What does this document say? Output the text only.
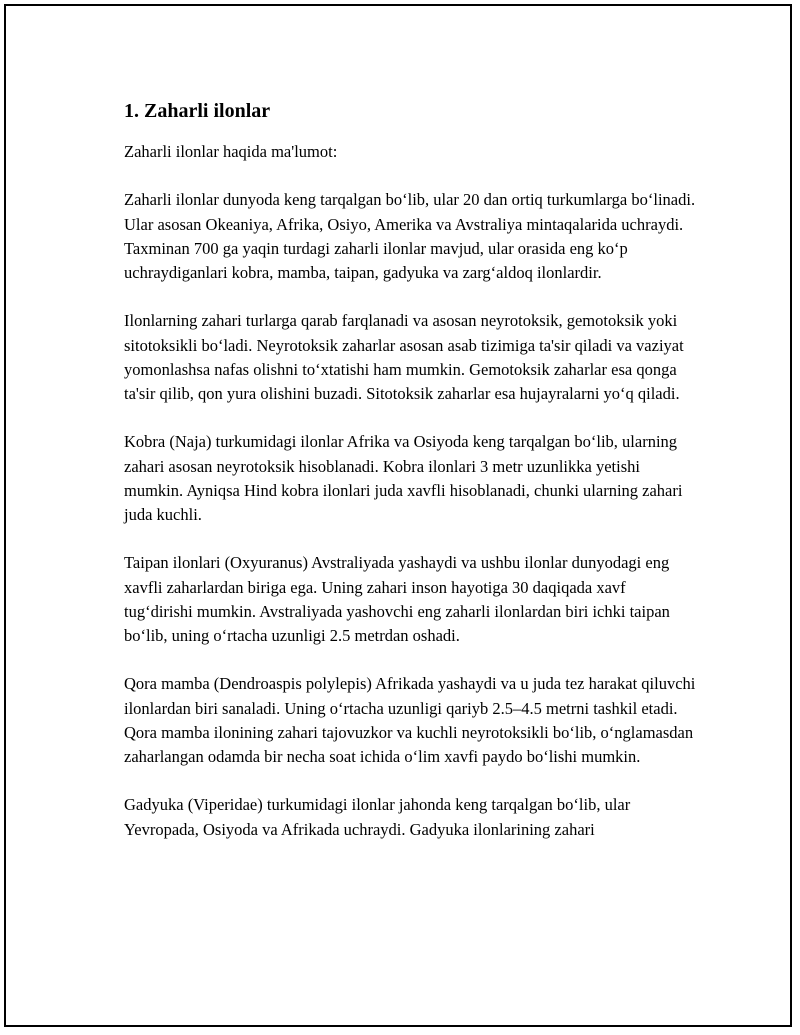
1. Zaharli ilonlar

Zaharli ilonlar haqida ma'lumot:

Zaharli ilonlar dunyoda keng tarqalgan bo‘lib, ular 20 dan ortiq turkumlarga bo‘linadi. Ular asosan Okeaniya, Afrika, Osiyo, Amerika va Avstraliya mintaqalarida uchraydi. Taxminan 700 ga yaqin turdagi zaharli ilonlar mavjud, ular orasida eng ko‘p uchraydiganlari kobra, mamba, taipan, gadyuka va zarg‘aldoq ilonlardir.

Ilonlarning zahari turlarga qarab farqlanadi va asosan neyrotoksik, gemotoksik yoki sitotoksikli bo‘ladi. Neyrotoksik zaharlar asosan asab tizimiga ta'sir qiladi va vaziyat yomonlashsa nafas olishni to‘xtatishi ham mumkin. Gemotoksik zaharlar esa qonga ta'sir qilib, qon yura olishini buzadi. Sitotoksik zaharlar esa hujayralarni yo‘q qiladi.

Kobra (Naja) turkumidagi ilonlar Afrika va Osiyoda keng tarqalgan bo‘lib, ularning zahari asosan neyrotoksik hisoblanadi. Kobra ilonlari 3 metr uzunlikka yetishi mumkin. Ayniqsa Hind kobra ilonlari juda xavfli hisoblanadi, chunki ularning zahari juda kuchli.

Taipan ilonlari (Oxyuranus) Avstraliyada yashaydi va ushbu ilonlar dunyodagi eng xavfli zaharlardan biriga ega. Uning zahari inson hayotiga 30 daqiqada xavf tug‘dirishi mumkin. Avstraliyada yashovchi eng zaharli ilonlardan biri ichki taipan bo‘lib, uning o‘rtacha uzunligi 2.5 metrdan oshadi.

Qora mamba (Dendroaspis polylepis) Afrikada yashaydi va u juda tez harakat qiluvchi ilonlardan biri sanaladi. Uning o‘rtacha uzunligi qariyb 2.5–4.5 metrni tashkil etadi. Qora mamba ilonining zahari tajovuzkor va kuchli neyrotoksikli bo‘lib, o‘nglamasdan zaharlangan odamda bir necha soat ichida o‘lim xavfi paydo bo‘lishi mumkin.

Gadyuka (Viperidae) turkumidagi ilonlar jahonda keng tarqalgan bo‘lib, ular Yevropada, Osiyoda va Afrikada uchraydi. Gadyuka ilonlarining zahari
